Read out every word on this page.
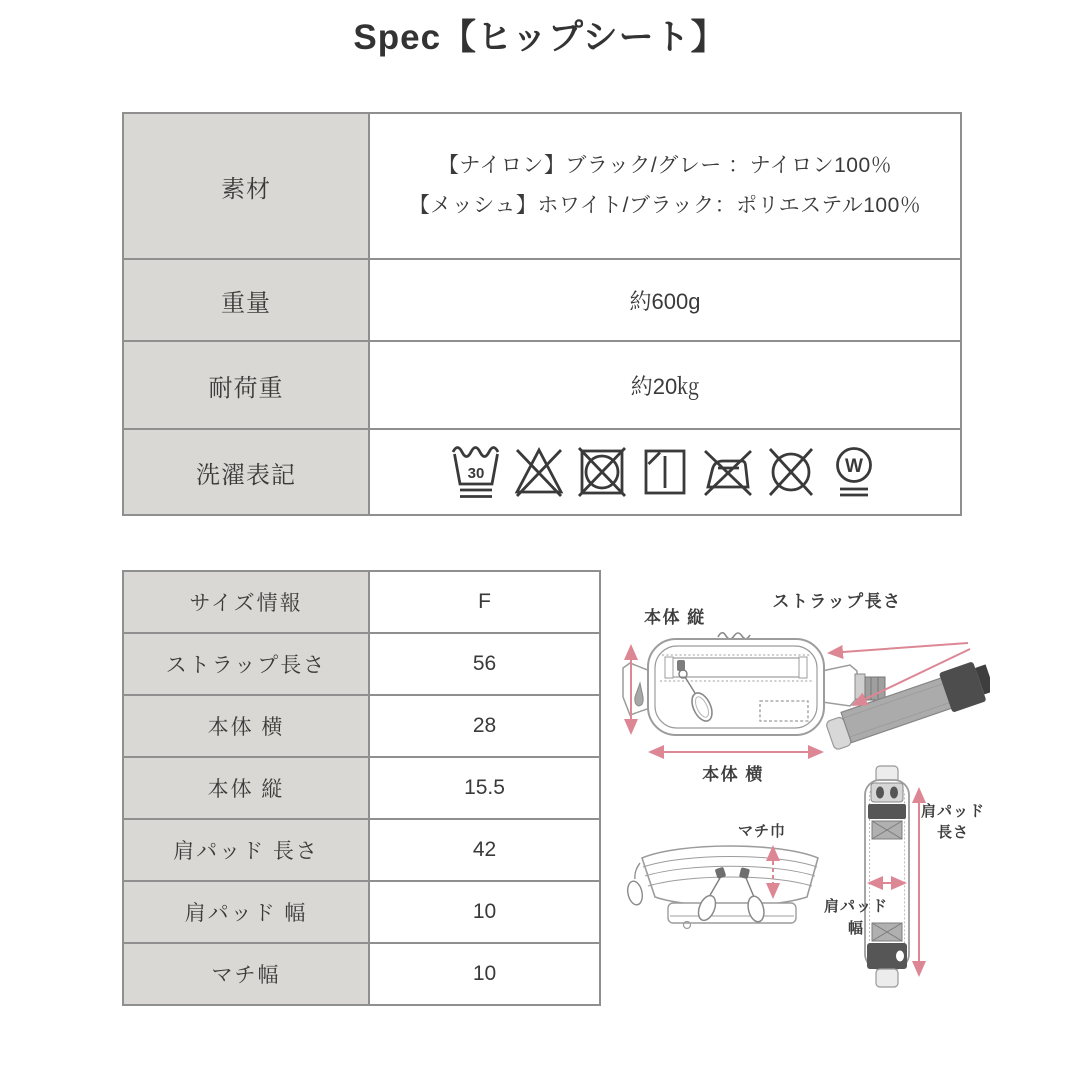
Spec【ヒップシート】
素材	【ナイロン】ブラック/グレー ：ナイロン100％
【メッシュ】ホワイト/ブラック：ポリエステル100％

重量	約600g
耐荷重	約20㎏
洗濯表記	30 W
サイズ情報	F
ストラップ長さ	56
本体 横	28
本体 縦	15.5
肩パッド 長さ	42
肩パッド 幅	10
マチ幅	10
本体 縦
ストラップ長さ
本体 横
マチ巾
肩パッド
長さ
肩パッド
幅
